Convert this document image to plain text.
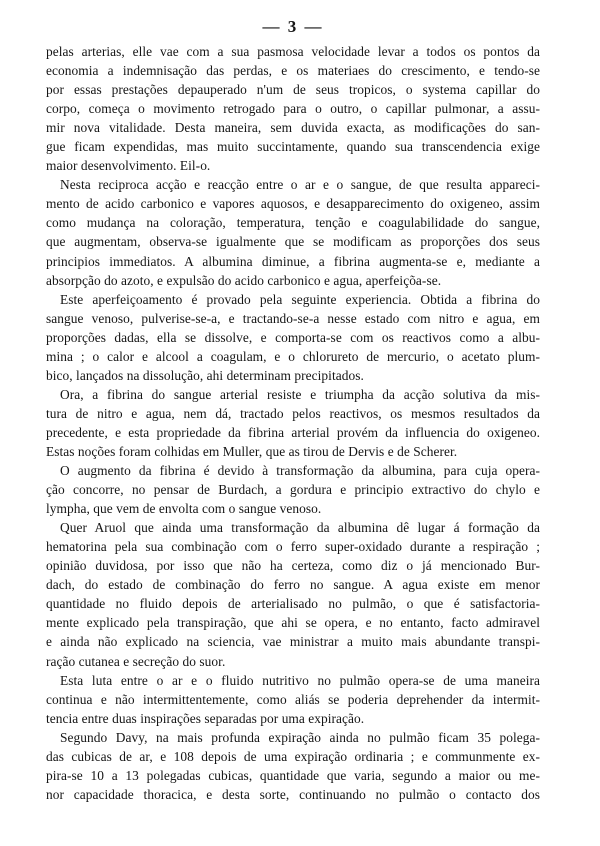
— 3 —
pelas arterias, elle vae com a sua pasmosa velocidade levar a todos os pontos da
economia a indemnisação das perdas, e os materiaes do crescimento, e tendo-se
por essas prestações depauperado n'um de seus tropicos, o systema capillar do
corpo, começa o movimento retrogado para o outro, o capillar pulmonar, a assu-
mir nova vitalidade. Desta maneira, sem duvida exacta, as modificações do san-
gue ficam expendidas, mas muito succintamente, quando sua transcendencia exige
maior desenvolvimento. Eil-o.
Nesta reciproca acção e reacção entre o ar e o sangue, de que resulta appareci-
mento de acido carbonico e vapores aquosos, e desapparecimento do oxigeneo, assim
como mudança na coloração, temperatura, tenção e coagulabilidade do sangue,
que augmentam, observa-se igualmente que se modificam as proporções dos seus
principios immediatos. A albumina diminue, a fibrina augmenta-se e, mediante a
absorpção do azoto, e expulsão do acido carbonico e agua, aperfeiçõa-se.
Este aperfeiçoamento é provado pela seguinte experiencia. Obtida a fibrina do
sangue venoso, pulverise-se-a, e tractando-se-a nesse estado com nitro e agua, em
proporções dadas, ella se dissolve, e comporta-se com os reactivos como a albu-
mina ; o calor e alcool a coagulam, e o chlorureto de mercurio, o acetato plum-
bico, lançados na dissolução, ahi determinam precipitados.
Ora, a fibrina do sangue arterial resiste e triumpha da acção solutiva da mis-
tura de nitro e agua, nem dá, tractado pelos reactivos, os mesmos resultados da
precedente, e esta propriedade da fibrina arterial provém da influencia do oxigeneo.
Estas noções foram colhidas em Muller, que as tirou de Dervis e de Scherer.
O augmento da fibrina é devido à transformação da albumina, para cuja opera-
ção concorre, no pensar de Burdach, a gordura e principio extractivo do chylo e
lympha, que vem de envolta com o sangue venoso.
Quer Aruol que ainda uma transformação da albumina dê lugar á formação da
hematorina pela sua combinação com o ferro super-oxidado durante a respiração ;
opinião duvidosa, por isso que não ha certeza, como diz o já mencionado Bur-
dach, do estado de combinação do ferro no sangue. A agua existe em menor
quantidade no fluido depois de arterialisado no pulmão, o que é satisfactoria-
mente explicado pela transpiração, que ahi se opera, e no entanto, facto admiravel
e ainda não explicado na sciencia, vae ministrar a muito mais abundante transpi-
ração cutanea e secreção do suor.
Esta luta entre o ar e o fluido nutritivo no pulmão opera-se de uma maneira
continua e não intermittentemente, como aliás se poderia deprehender da intermit-
tencia entre duas inspirações separadas por uma expiração.
Segundo Davy, na mais profunda expiração ainda no pulmão ficam 35 polega-
das cubicas de ar, e 108 depois de uma expiração ordinaria ; e communmente ex-
pira-se 10 a 13 polegadas cubicas, quantidade que varia, segundo a maior ou me-
nor capacidade thoracica, e desta sorte, continuando no pulmão o contacto dos
